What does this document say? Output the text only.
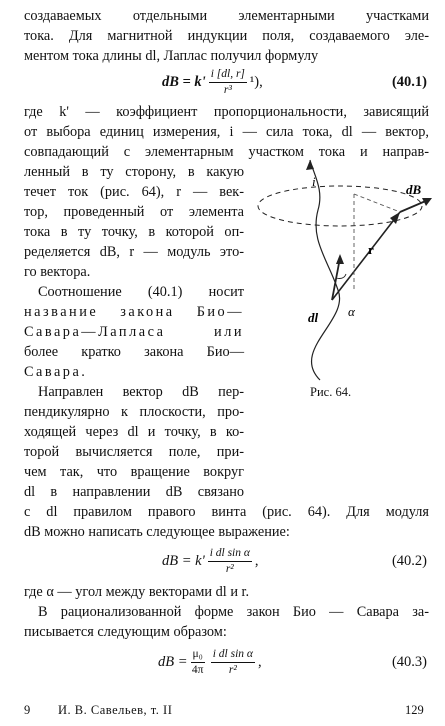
создаваемых отдельными элементарными участками
тока. Для магнитной индукции поля, создаваемого эле-
ментом тока длины dl, Лаплас получил формулу
dB = $k' \frac{i [dl, r]}{\text{r³}} ^1$),	(40.1)
где k' — коэффициент пропорциональности, зависящий
от выбора единиц измерения, i — сила тока, dl — вектор,
совпадающий с элементарным участком тока и направ-
ленный в ту сторону, в какую
течет ток (рис. 64), r — век-
тор, проведенный от элемента
тока в ту точку, в которой оп-
ределяется dB, r — модуль это-
го вектора.
Соотношение (40.1) носит
название закона Био—
Савара—Лапласа или
более кратко закона Био—
Савара.
Направлен вектор dB пер-
пендикулярно к плоскости, про-
ходящей через dl и точку, в ко-
торой вычисляется поле, при-
чем так, что вращение вокруг
dl в направлении dB связано
с dl правилом правого винта (рис. 64). Для модуля
dB можно написать следующее выражение:
dB = $k' \frac{\text{i dl sin α}}{\text{r²}}$ ,	(40.2)
где α — угол между векторами dl и r.
В рационализованной форме закон Био — Савара за-
писывается следующим образом:
i
dB
r
dl α
Рис. 64.
dB = $\frac{\text{μ₀}}{4\pi} \frac{\text{i dl sin α}}{\text{r²}}$ ,	(40.3)
9 И. В. Савельев, т. II	129
